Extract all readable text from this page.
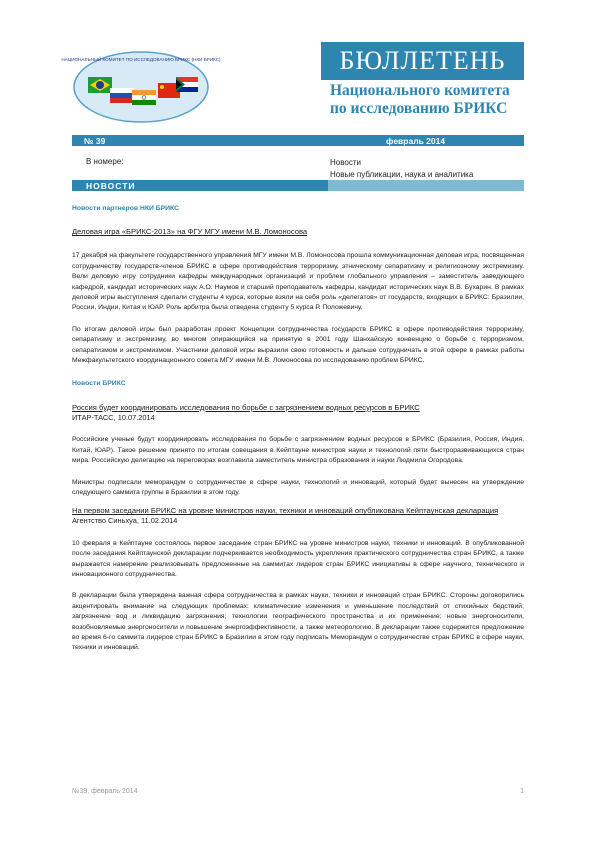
НАЦИОНАЛЬНЫЙ КОМИТЕТ ПО ИССЛЕДОВАНИЮ БРИКС (НКИ БРИКС)	БЮЛЛЕТЕНЬ
Национального комитета
по исследованию БРИКС
№ 39	февраль 2014
В номере:	Новости
Новые публикации, наука и аналитика
НОВОСТИ

Новости партнеров НКИ БРИКС

Деловая игра «БРИКС-2013» на ФГУ МГУ имени М.В. Ломоносова

17 декабря на факультете государственного управления МГУ имени М.В. Ломоносова прошла коммуникационная деловая игра, посвященная сотрудничеству государств-членов БРИКС в сфере противодействия терроризму, этническому сепаратизму и религиозному экстремизму. Вели деловую игру сотрудники кафедры международных организаций и проблем глобального управления – заместитель заведующего кафедрой, кандидат исторических наук А.О. Наумов и старший преподаватель кафедры, кандидат исторических наук В.В. Бухарин. В рамках деловой игры выступления сделали студенты 4 курса, которые взяли на себя роль «делегатов» от государств, входящих в БРИКС: Бразилии, России, Индии, Китая и ЮАР. Роль арбитра была отведена студенту 5 курса Р. Положевичу.

По итогам деловой игры был разработан проект Концепции сотрудничества государств БРИКС в сфере противодействия терроризму, сепаратизму и экстремизму, во многом опирающийся на принятую в 2001 году Шанхайскую конвенцию о борьбе с терроризмом, сепаратизмом и экстремизмом. Участники деловой игры выразили свою готовность и дальше сотрудничать в этой сфере в рамках работы Межфакультетского координационного совета МГУ имени М.В. Ломоносова по исследованию проблем БРИКС.

Новости БРИКС

Россия будет координировать исследования по борьбе с загрязнением водных ресурсов в БРИКС

ИТАР-ТАСС, 10.07.2014

Российские ученые будут координировать исследования по борьбе с загрязнением водных ресурсов в БРИКС (Бразилия, Россия, Индия, Китай, ЮАР). Такое решение принято по итогам совещания в Кейптауне министров науки и технологий пяти быстроразвивающихся стран мира. Российскую делегацию на переговорах возглавила заместитель министра образования и науки Людмила Огородова.

Министры подписали меморандум о сотрудничестве в сфере науки, технологий и инноваций, который будет вынесен на утверждение следующего саммита группы в Бразилии в этом году.

На первом заседании БРИКС на уровне министров науки, техники и инноваций опубликована Кейптаунская декларация

Агентство Синьхуа, 11.02.2014

10 февраля в Кейптауне состоялось первое заседание стран БРИКС на уровне министров науки, техники и инноваций. В опубликованной после заседания Кейптаунской декларации подчеркивается необходимость укрепления практического сотрудничества стран БРИКС, а также выражается намерение реализовывать предложенные на саммитах лидеров стран БРИКС инициативы в сфере научного, технического и инновационного сотрудничества.

В декларации была утверждена важная сфера сотрудничества в рамках науки, техники и инноваций стран БРИКС. Стороны договорились акцентировать внимание на следующих проблемах: климатические изменения и уменьшение последствий от стихийных бедствий; загрязнение вод и ликвидацию загрязнения; технологии географического пространства и их применение; новые энергоносители, возобновляемые энергоносители и повышение энергоэффективности, а также метеорологию. В декларации также содержится предложение во время 6-го саммита лидеров стран БРИКС в Бразилии в этом году подписать Меморандум о сотрудничестве стран БРИКС в сфере науки, техники и инноваций.

№39, февраль 2014	1
